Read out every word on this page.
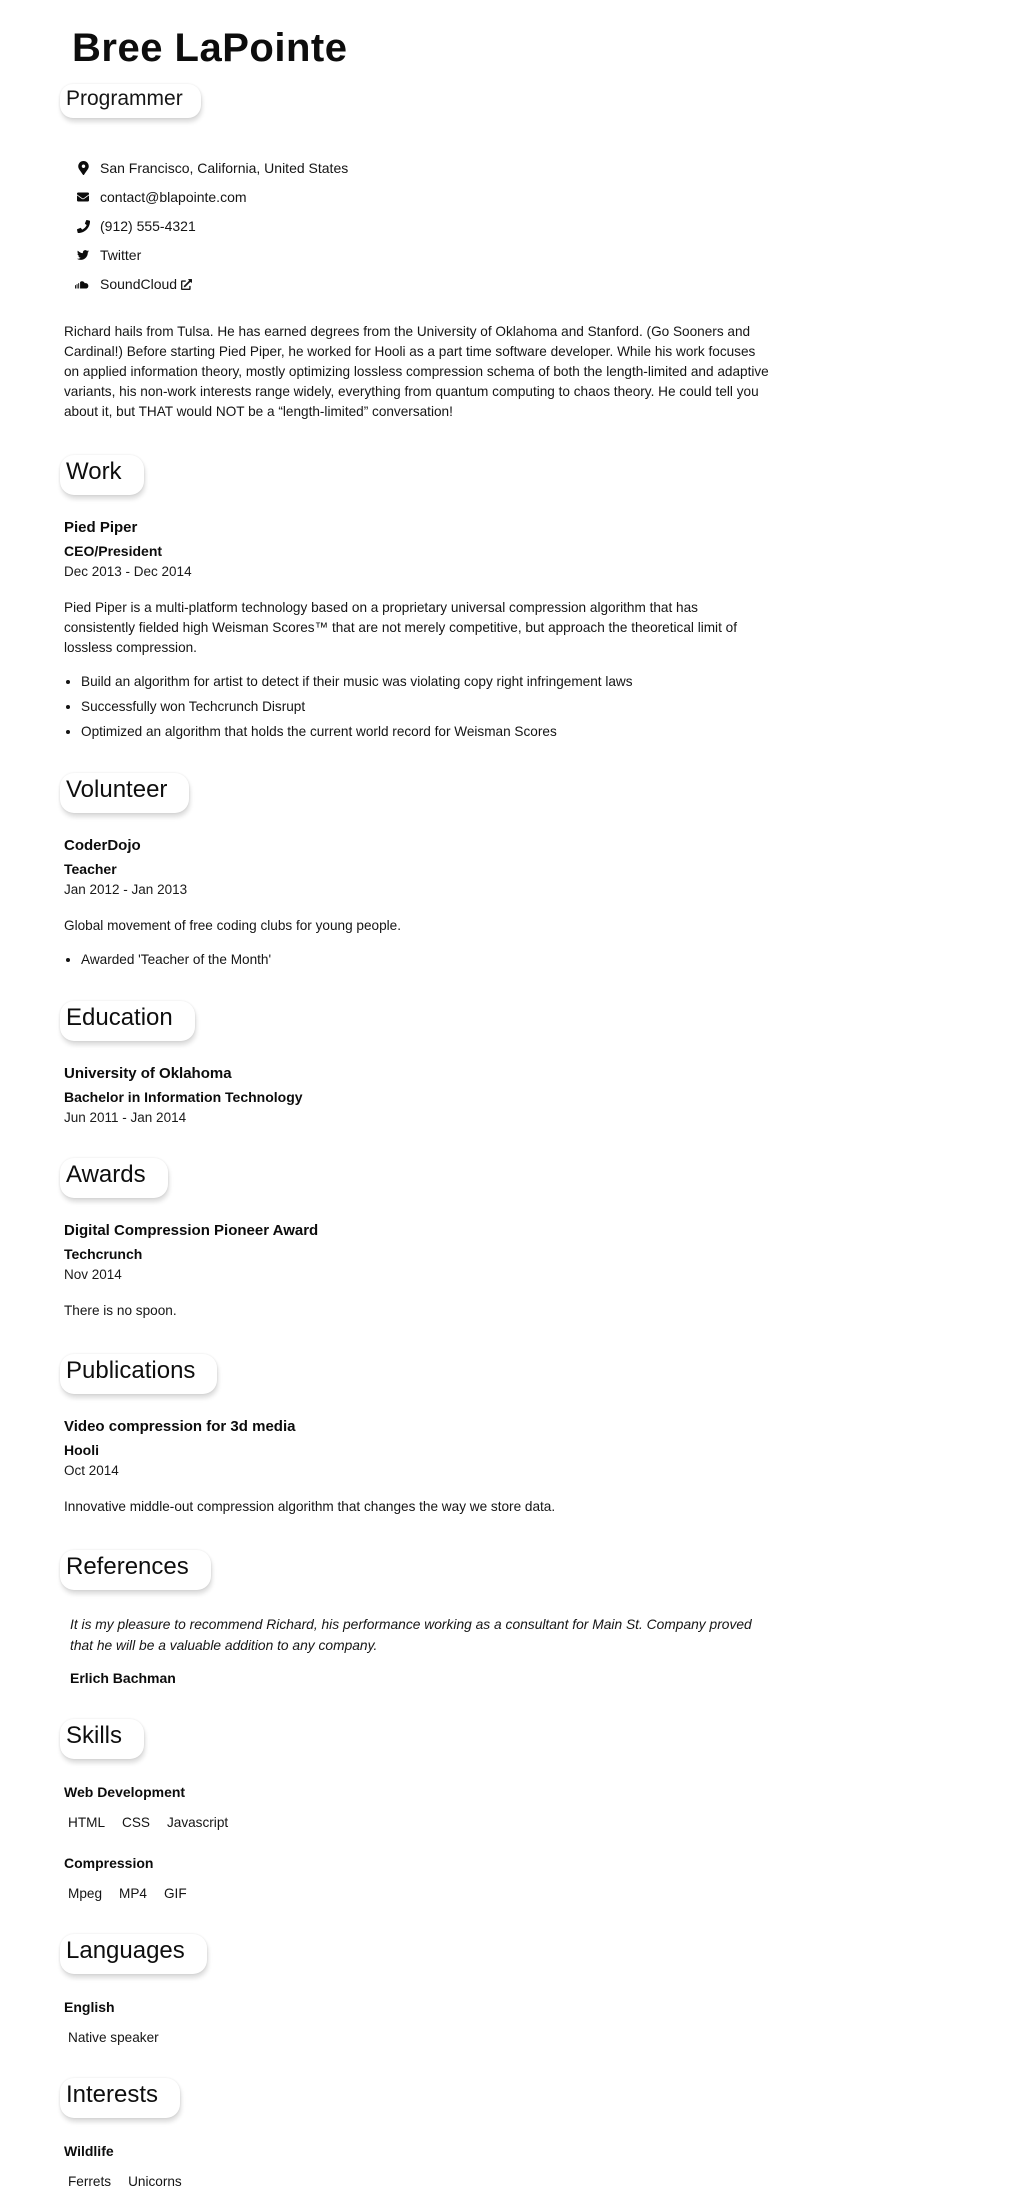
Bree LaPointe
Programmer
San Francisco, California, United States
contact@blapointe.com
(912) 555-4321
Twitter
SoundCloud

Richard hails from Tulsa. He has earned degrees from the University of Oklahoma and Stanford. (Go Sooners and Cardinal!) Before starting Pied Piper, he worked for Hooli as a part time software developer. While his work focuses on applied information theory, mostly optimizing lossless compression schema of both the length-limited and adaptive variants, his non-work interests range widely, everything from quantum computing to chaos theory. He could tell you about it, but THAT would NOT be a “length-limited” conversation!

Work

Pied Piper

CEO/President

Dec 2013 - Dec 2014

Pied Piper is a multi-platform technology based on a proprietary universal compression algorithm that has consistently fielded high Weisman Scores™ that are not merely competitive, but approach the theoretical limit of lossless compression.

• Build an algorithm for artist to detect if their music was violating copy right infringement laws
• Successfully won Techcrunch Disrupt
• Optimized an algorithm that holds the current world record for Weisman Scores
Volunteer

CoderDojo

Teacher

Jan 2012 - Jan 2013

Global movement of free coding clubs for young people.

• Awarded 'Teacher of the Month'
Education

University of Oklahoma

Bachelor in Information Technology

Jun 2011 - Jan 2014

Awards

Digital Compression Pioneer Award

Techcrunch

Nov 2014

There is no spoon.

Publications

Video compression for 3d media

Hooli

Oct 2014

Innovative middle-out compression algorithm that changes the way we store data.

References

It is my pleasure to recommend Richard, his performance working as a consultant for Main St. Company proved that he will be a valuable addition to any company.

Erlich Bachman

Skills

Web Development

HTML CSS Javascript

Compression

Mpeg MP4 GIF
Languages

English

Native speaker

Interests

Wildlife

Ferrets Unicorns
